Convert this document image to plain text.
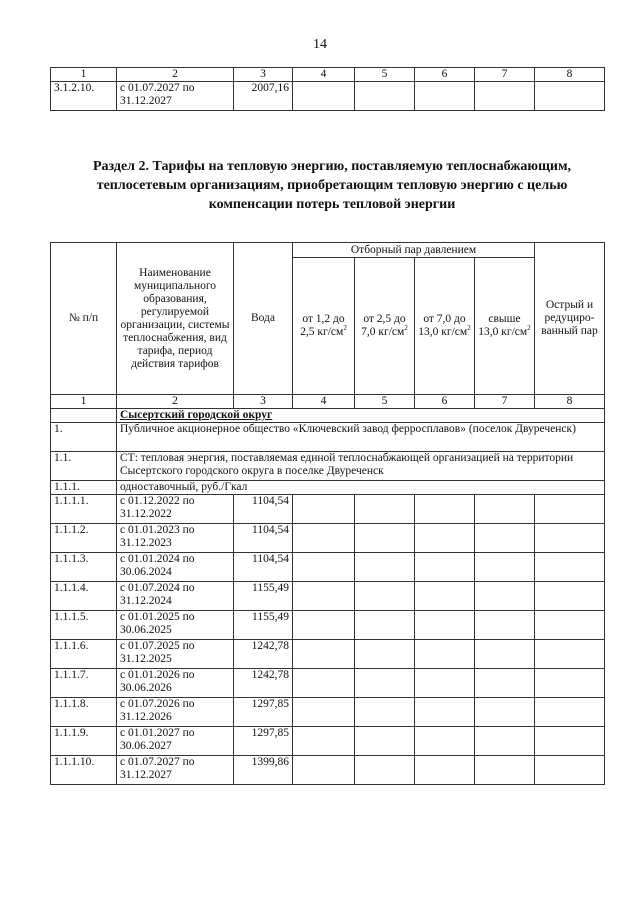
14
1	2	3	4	5	6	7	8
3.1.2.10.	с 01.07.2027 по 31.12.2027	2007,16					
Раздел 2. Тарифы на тепловую энергию, поставляемую теплоснабжающим, теплосетевым организациям, приобретающим тепловую энергию с целью компенсации потерь тепловой энергии
№ п/п	Наименование муниципального образования, регулируемой организации, системы теплоснабжения, вид тарифа, период действия тарифов	Вода	Отборный пар давлением				Острый и редуциро-ванный пар
			от 1,2 до 2,5 $кг/см^2$	от 2,5 до 7,0 $кг/см^2$	от 7,0 до 13,0 $кг/см^2$	свыше 13,0 $кг/см^2$
1	2	3	4	5	6	7	8
	Сысертский городской округ						
1.	Публичное акционерное общество «Ключевский завод ферросплавов» (поселок Двуреченск)						
1.1.	СТ: тепловая энергия, поставляемая единой теплоснабжающей организацией на территории Сысертского городского округа в поселке Двуреченск						
1.1.1.	одноставочный, руб./Гкал						
1.1.1.1.	с 01.12.2022 по 31.12.2022	1104,54					
1.1.1.2.	с 01.01.2023 по 31.12.2023	1104,54					
1.1.1.3.	с 01.01.2024 по 30.06.2024	1104,54					
1.1.1.4.	с 01.07.2024 по 31.12.2024	1155,49					
1.1.1.5.	с 01.01.2025 по 30.06.2025	1155,49					
1.1.1.6.	с 01.07.2025 по 31.12.2025	1242,78					
1.1.1.7.	с 01.01.2026 по 30.06.2026	1242,78					
1.1.1.8.	с 01.07.2026 по 31.12.2026	1297,85					
1.1.1.9.	с 01.01.2027 по 30.06.2027	1297,85					
1.1.1.10.	с 01.07.2027 по 31.12.2027	1399,86					
